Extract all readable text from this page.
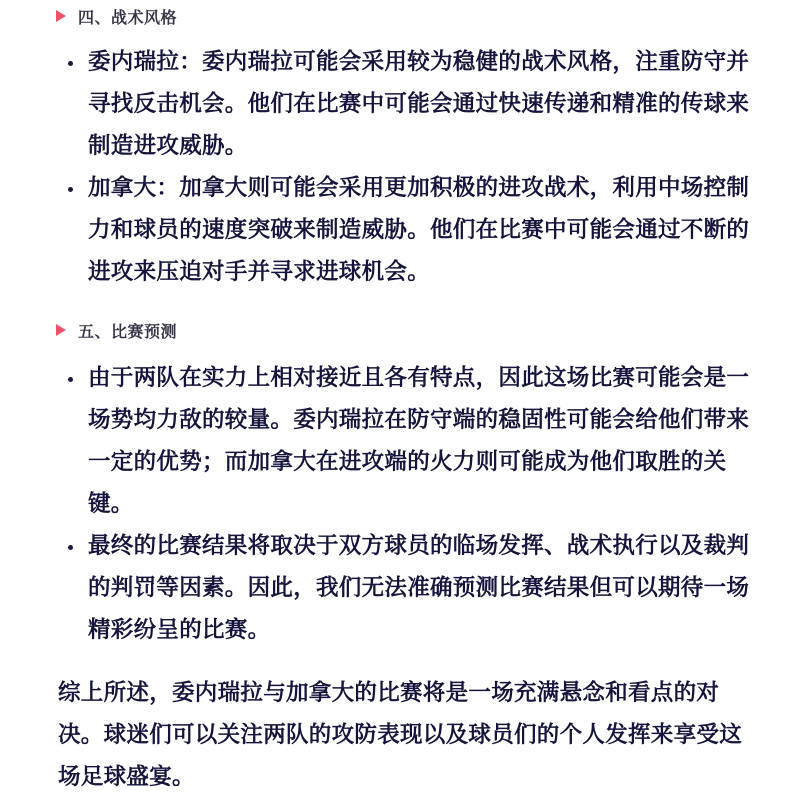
四、战术风格
委内瑞拉：委内瑞拉可能会采用较为稳健的战术风格，注重防守并寻找反击机会。他们在比赛中可能会通过快速传递和精准的传球来制造进攻威胁。
加拿大：加拿大则可能会采用更加积极的进攻战术，利用中场控制力和球员的速度突破来制造威胁。他们在比赛中可能会通过不断的进攻来压迫对手并寻求进球机会。
五、比赛预测
由于两队在实力上相对接近且各有特点，因此这场比赛可能会是一场势均力敌的较量。委内瑞拉在防守端的稳固性可能会给他们带来一定的优势；而加拿大在进攻端的火力则可能成为他们取胜的关键。
最终的比赛结果将取决于双方球员的临场发挥、战术执行以及裁判的判罚等因素。因此，我们无法准确预测比赛结果但可以期待一场精彩纷呈的比赛。

综上所述，委内瑞拉与加拿大的比赛将是一场充满悬念和看点的对决。球迷们可以关注两队的攻防表现以及球员们的个人发挥来享受这场足球盛宴。
